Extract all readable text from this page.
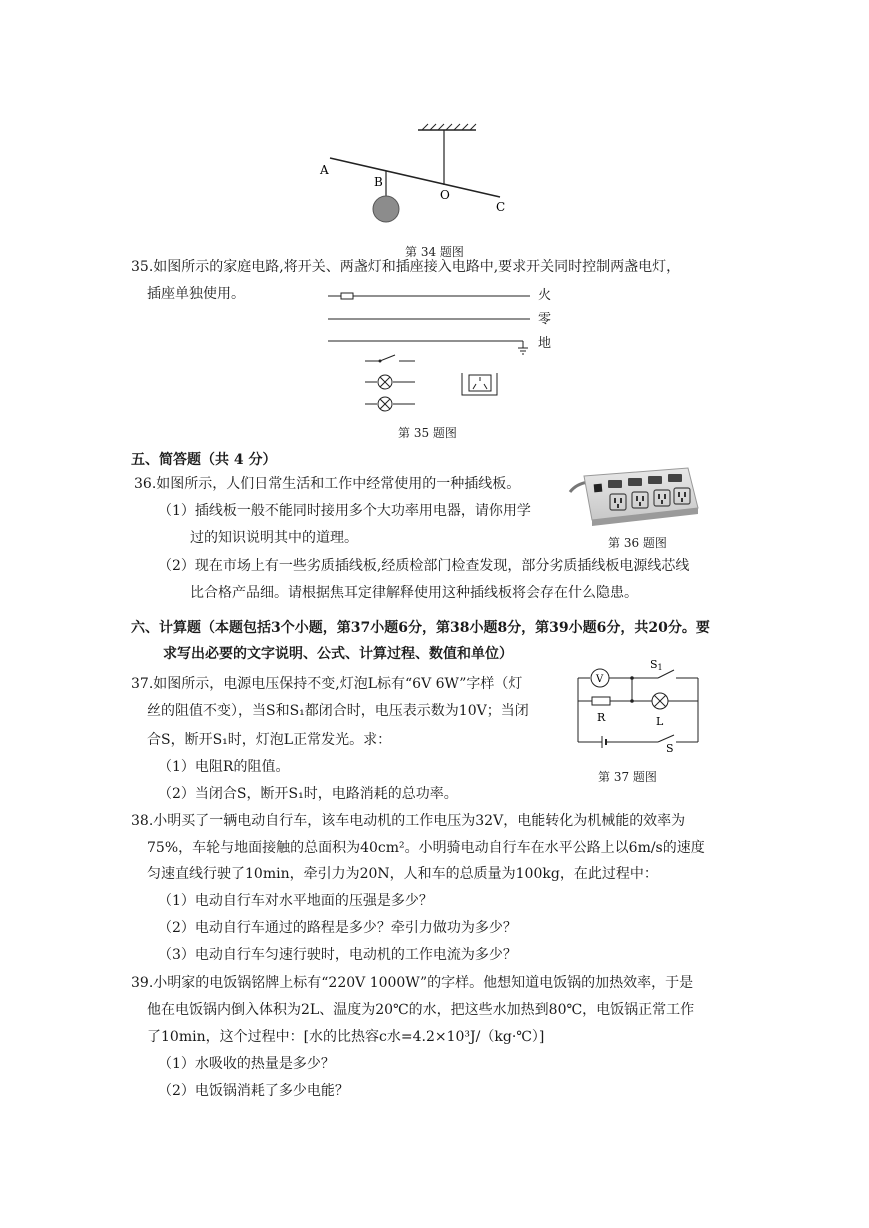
A
B
O
C
第 34 题图
35.如图所示的家庭电路,将开关、两盏灯和插座接入电路中,要求开关同时控制两盏电灯，
插座单独使用。	火
零
地
第 35 题图
五、简答题（共 4 分）
36.如图所示，人们日常生活和工作中经常使用的一种插线板。
（1）插线板一般不能同时接用多个大功率用电器，请你用学
过的知识说明其中的道理。	第 36 题图
（2）现在市场上有一些劣质插线板,经质检部门检查发现，部分劣质插线板电源线芯线
比合格产品细。请根据焦耳定律解释使用这种插线板将会存在什么隐患。
六、计算题（本题包括3个小题，第37小题6分，第38小题8分，第39小题6分，共20分。要
求写出必要的文字说明、公式、计算过程、数值和单位）
37.如图所示，电源电压保持不变,灯泡L标有“6V 6W”字样（灯
丝的阻值不变），当S和S₁都闭合时，电压表示数为10V；当闭
合S，断开S₁时，灯泡L正常发光。求：
（1）电阻R的阻值。
（2）当闭合S，断开S₁时，电路消耗的总功率。
V
S1
R	L
S
第 37 题图
38.小明买了一辆电动自行车，该车电动机的工作电压为32V，电能转化为机械能的效率为
75%，车轮与地面接触的总面积为40cm²。小明骑电动自行车在水平公路上以6m/s的速度
匀速直线行驶了10min，牵引力为20N，人和车的总质量为100kg，在此过程中：
（1）电动自行车对水平地面的压强是多少？
（2）电动自行车通过的路程是多少？牵引力做功为多少？
（3）电动自行车匀速行驶时，电动机的工作电流为多少？
39.小明家的电饭锅铭牌上标有“220V 1000W”的字样。他想知道电饭锅的加热效率，于是
他在电饭锅内倒入体积为2L、温度为20℃的水，把这些水加热到80℃，电饭锅正常工作
了10min，这个过程中：[水的比热容c水=4.2×10³J/（kg·℃）]
（1）水吸收的热量是多少？
（2）电饭锅消耗了多少电能？
